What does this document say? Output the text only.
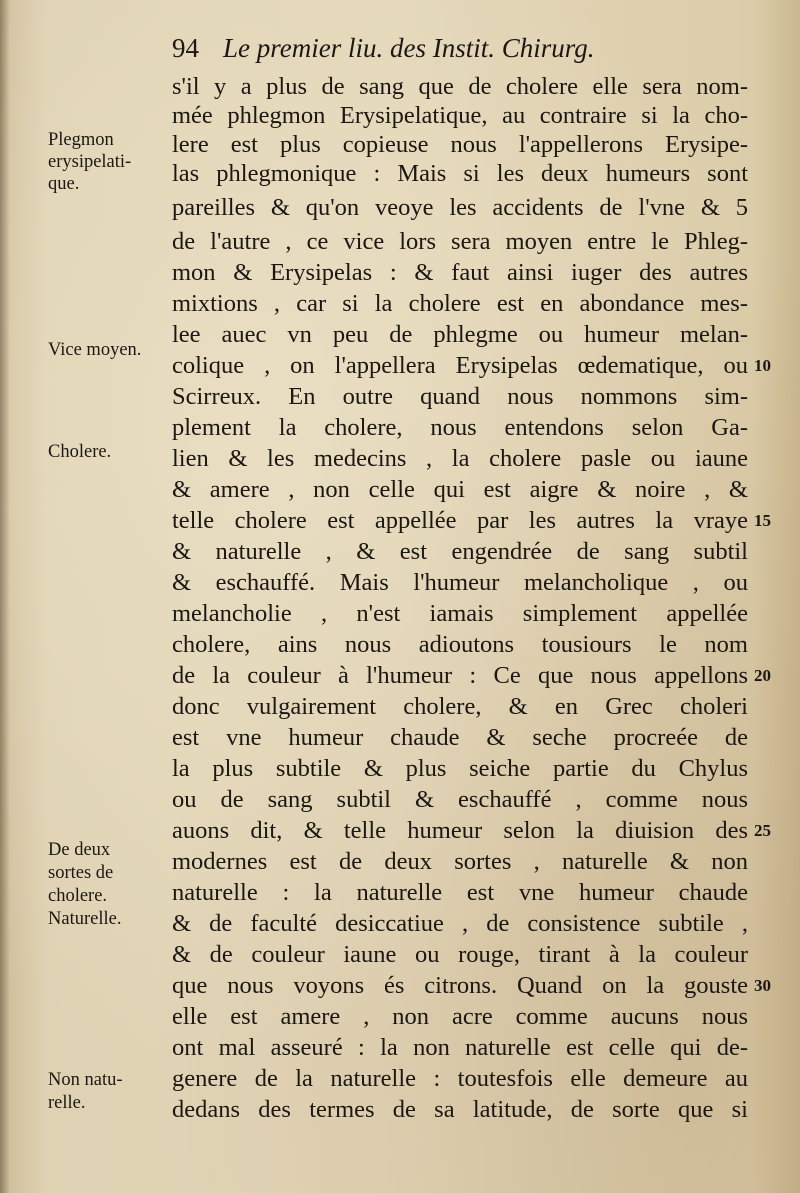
94 Le premier liu. des Instit. Chirurg.
s'il y a plus de sang que de cholere elle sera nom-
mée phlegmon Erysipelatique, au contraire si la cho-
lere est plus copieuse nous l'appellerons Erysipe-
las phlegmonique : Mais si les deux humeurs sont
pareilles & qu'on veoye les accidents de l'vne & 5
de l'autre , ce vice lors sera moyen entre le Phleg-
mon & Erysipelas : & faut ainsi iuger des autres
mixtions , car si la cholere est en abondance mes-
lee auec vn peu de phlegme ou humeur melan-
colique , on l'appellera Erysipelas œdematique, ou
Scirreux. En outre quand nous nommons sim-
plement la cholere, nous entendons selon Ga-
lien & les medecins , la cholere pasle ou iaune
& amere , non celle qui est aigre & noire , &
telle cholere est appellée par les autres la vraye
& naturelle , & est engendrée de sang subtil
& eschauffé. Mais l'humeur melancholique , ou
melancholie , n'est iamais simplement appellée
cholere, ains nous adioutons tousiours le nom
de la couleur à l'humeur : Ce que nous appellons
donc vulgairement cholere, & en Grec choleri
est vne humeur chaude & seche procreée de
la plus subtile & plus seiche partie du Chylus
ou de sang subtil & eschauffé , comme nous
auons dit, & telle humeur selon la diuision des
modernes est de deux sortes , naturelle & non
naturelle : la naturelle est vne humeur chaude
& de faculté desiccatiue , de consistence subtile ,
& de couleur iaune ou rouge, tirant à la couleur
que nous voyons és citrons. Quand on la gouste
elle est amere , non acre comme aucuns nous
ont mal asseuré : la non naturelle est celle qui de-
genere de la naturelle : toutesfois elle demeure au
dedans des termes de sa latitude, de sorte que si
Plegmon
erysipelati-
que.
Vice moyen.
Cholere.
De deux
sortes de
cholere.
Naturelle.
Non natu-
relle.
10
15
20
25
30
